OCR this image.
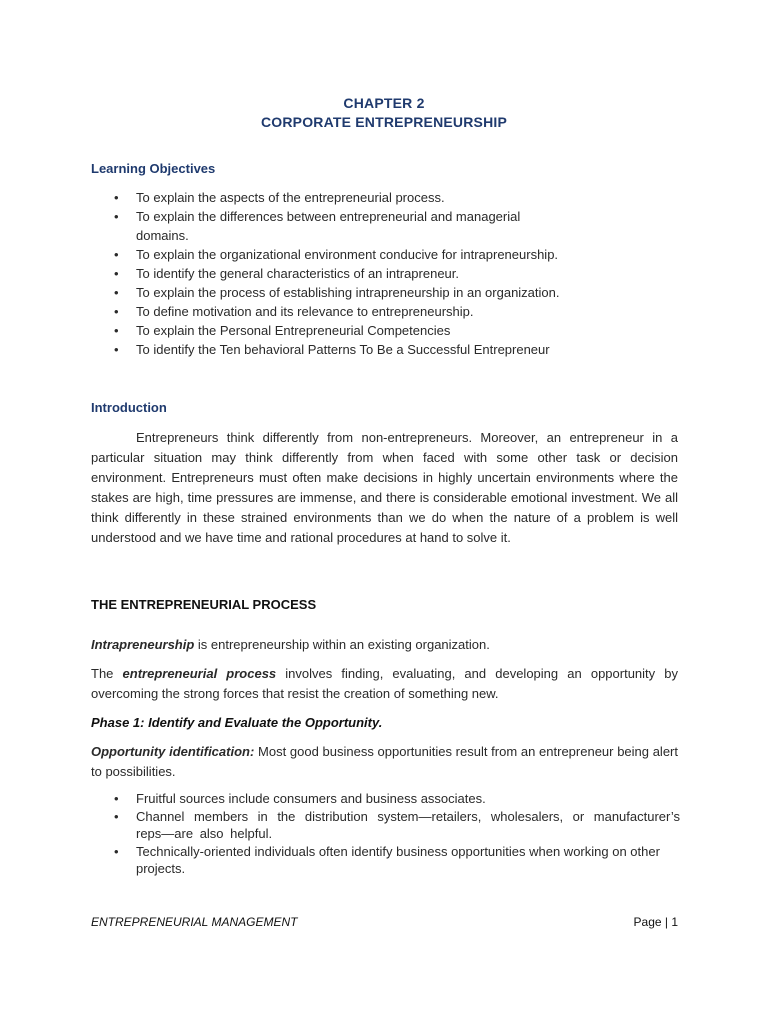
CHAPTER 2
CORPORATE ENTREPRENEURSHIP
Learning Objectives
• To explain the aspects of the entrepreneurial process.
• To explain the differences between entrepreneurial and managerial domains.
• To explain the organizational environment conducive for intrapreneurship.
• To identify the general characteristics of an intrapreneur.
• To explain the process of establishing intrapreneurship in an organization.
• To define motivation and its relevance to entrepreneurship.
• To explain the Personal Entrepreneurial Competencies
• To identify the Ten behavioral Patterns To Be a Successful Entrepreneur
Introduction
Entrepreneurs think differently from non-entrepreneurs. Moreover, an entrepreneur in a particular situation may think differently from when faced with some other task or decision environment. Entrepreneurs must often make decisions in highly uncertain environments where the stakes are high, time pressures are immense, and there is considerable emotional investment. We all think differently in these strained environments than we do when the nature of a problem is well understood and we have time and rational procedures at hand to solve it.
THE ENTREPRENEURIAL PROCESS
Intrapreneurship is entrepreneurship within an existing organization.
The entrepreneurial process involves finding, evaluating, and developing an opportunity by overcoming the strong forces that resist the creation of something new.
Phase 1: Identify and Evaluate the Opportunity.
Opportunity identification: Most good business opportunities result from an entrepreneur being alert to possibilities.
• Fruitful sources include consumers and business associates.
• Channel members in the distribution system—retailers, wholesalers, or manufacturer’s reps—are also helpful.
• Technically-oriented individuals often identify business opportunities when working on other projects.
ENTREPRENEURIAL MANAGEMENT	Page | 1
